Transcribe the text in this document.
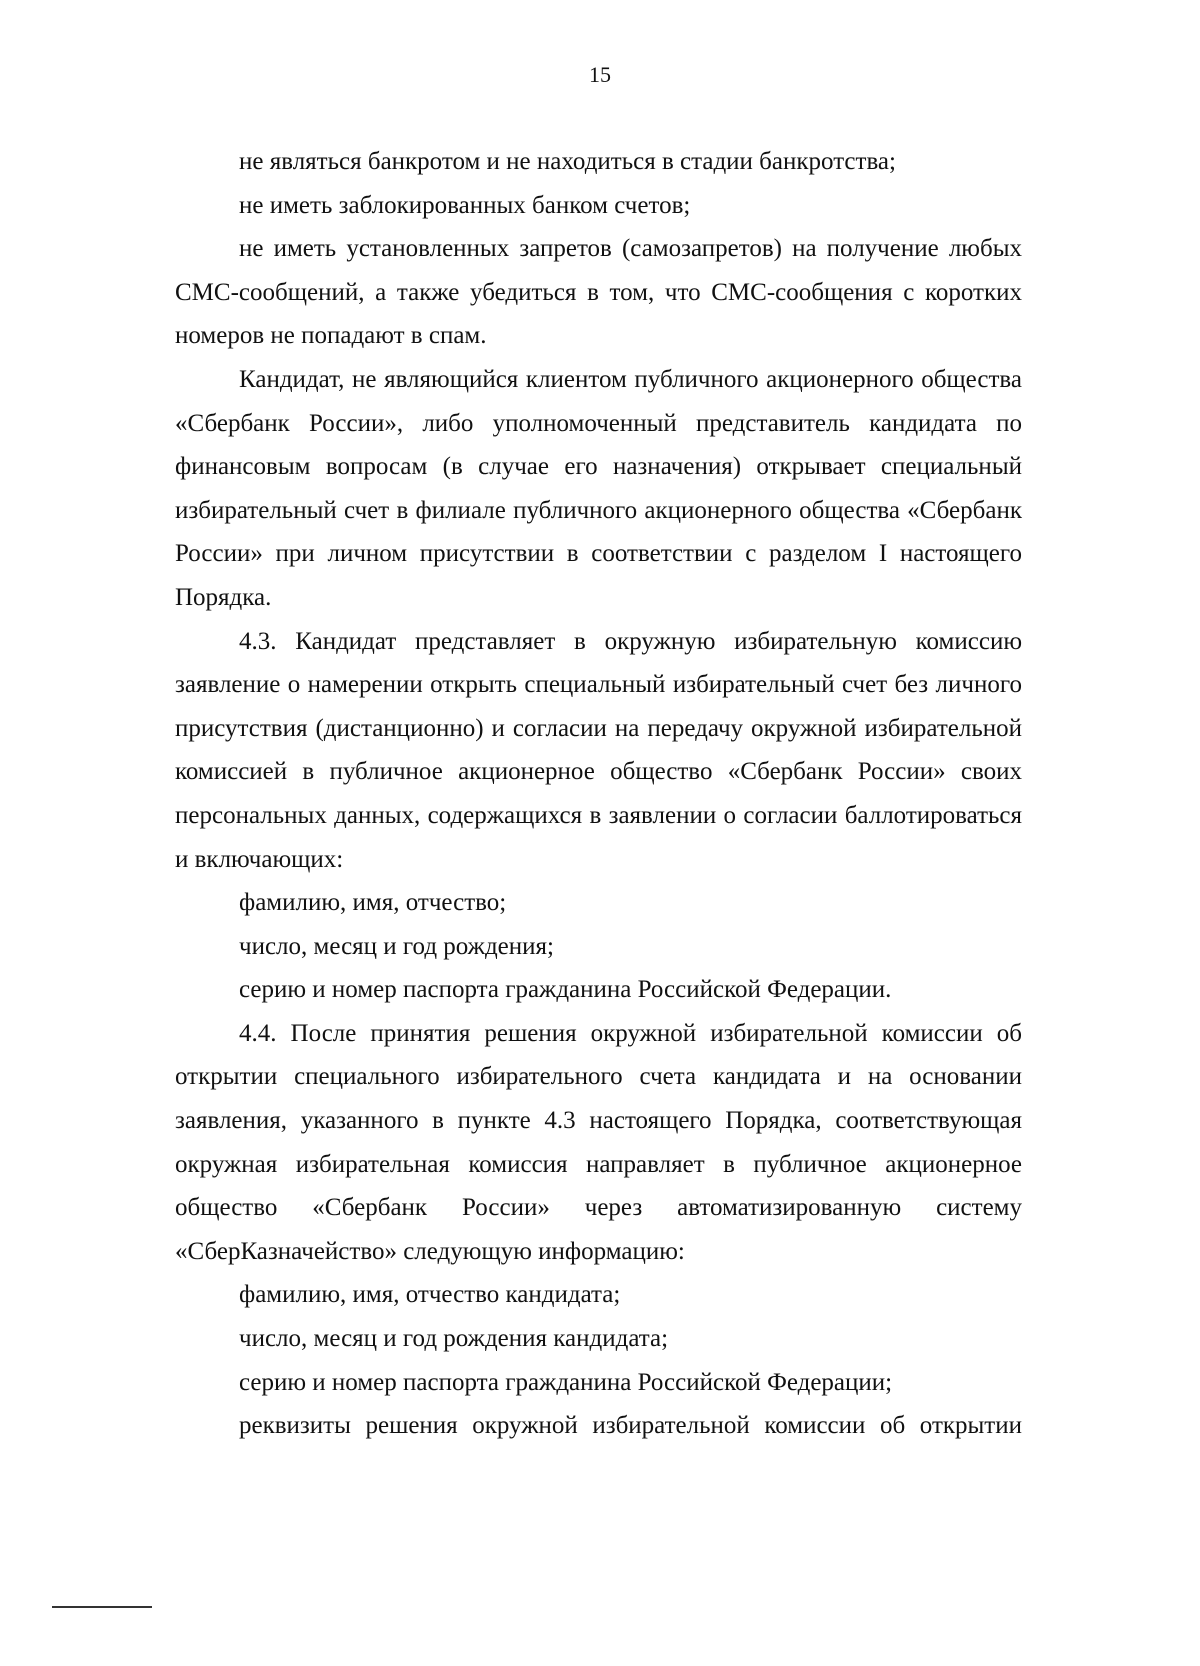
15
не являться банкротом и не находиться в стадии банкротства;
не иметь заблокированных банком счетов;
не иметь установленных запретов (самозапретов) на получение любых СМС-сообщений, а также убедиться в том, что СМС-сообщения с коротких номеров не попадают в спам.
Кандидат, не являющийся клиентом публичного акционерного общества «Сбербанк России», либо уполномоченный представитель кандидата по финансовым вопросам (в случае его назначения) открывает специальный избирательный счет в филиале публичного акционерного общества «Сбербанк России» при личном присутствии в соответствии с разделом I настоящего Порядка.
4.3. Кандидат представляет в окружную избирательную комиссию заявление о намерении открыть специальный избирательный счет без личного присутствия (дистанционно) и согласии на передачу окружной избирательной комиссией в публичное акционерное общество «Сбербанк России» своих персональных данных, содержащихся в заявлении о согласии баллотироваться и включающих:
фамилию, имя, отчество;
число, месяц и год рождения;
серию и номер паспорта гражданина Российской Федерации.
4.4. После принятия решения окружной избирательной комиссии об открытии специального избирательного счета кандидата и на основании заявления, указанного в пункте 4.3 настоящего Порядка, соответствующая окружная избирательная комиссия направляет в публичное акционерное общество «Сбербанк России» через автоматизированную систему «СберКазначейство» следующую информацию:
фамилию, имя, отчество кандидата;
число, месяц и год рождения кандидата;
серию и номер паспорта гражданина Российской Федерации;
реквизиты решения окружной избирательной комиссии об открытии
